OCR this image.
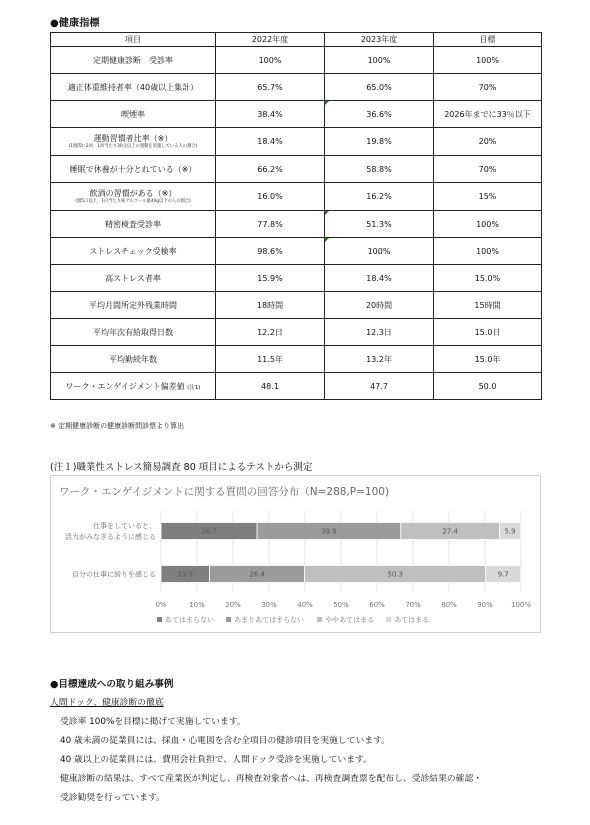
●健康指標
項目	2022年度	2023年度	目標

定期健康診断　受診率	100%	100%	100%

適正体重維持者率（40歳以上集計）	65.7%	65.0%	70%

喫煙率	38.4%	36.6%	2026年までに33％以下

運動習慣者比率（※）
(1週間に2回、1回当たり30分以上の運動を実施している人の割合)	18.4%	19.8%	20%

睡眠で休養が十分とれている（※）	66.2%	58.8%	70%

飲酒の習慣がある（※）
(週5日以上、1日当たり純アルコール量40g以上の人の割合)	16.0%	16.2%	15%

精密検査受診率	77.8%	51.3%	100%

ストレスチェック受検率	98.6%	100%	100%

高ストレス者率	15.9%	18.4%	15.0%

平均月間所定外残業時間	18時間	20時間	15時間

平均年次有給取得日数	12.2日	12.3日	15.0日

平均勤続年数	11.5年	13.2年	15.0年
ワーク・エンゲイジメント偏差値 (注1)	48.1	47.7	50.0
※ 定期健康診断の健康診断問診票より算出
(注１)職業性ストレス簡易調査 80 項目によるテストから測定
0%	10%	20%	30%	40%	50%	60%	70%	80%	90%	100%
26.7	39.9	27.4	5.9
仕事をしていると、
活力がみなぎるように感じる
13.5	26.4	50.3	9.7
自分の仕事に誇りを感じる
あてはまらない	あまりあてはまらない	ややあてはまる	あてはまる
ワーク・エンゲイジメントに関する質問の回答分布（N=288,P=100)
●目標達成への取り組み事例
人間ドック、健康診断の徹底
受診率 100%を目標に掲げて実施しています。
40 歳未満の従業員には、採血・心電図を含む全項目の健診項目を実施しています。
40 歳以上の従業員には、費用会社負担で、人間ドック受診を実施しています。
健康診断の結果は、すべて産業医が判定し、再検査対象者へは、再検査調査票を配布し、受診結果の確認・
受診勧奨を行っています。
